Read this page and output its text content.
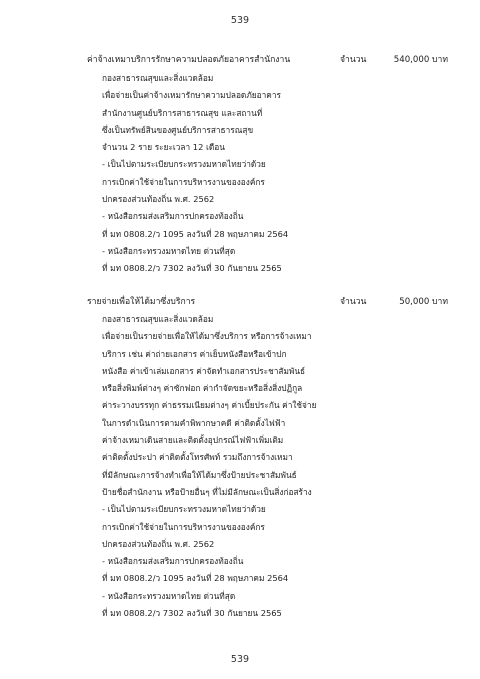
539
ค่าจ้างเหมาบริการรักษาความปลอดภัยอาคารสำนักงาน	จำนวน	540,000 บาท
กองสาธารณสุขและสิ่งแวดล้อม
เพื่อจ่ายเป็นค่าจ้างเหมารักษาความปลอดภัยอาคาร
สำนักงานศูนย์บริการสาธารณสุข และสถานที่
ซึ่งเป็นทรัพย์สินของศูนย์บริการสาธารณสุข
จำนวน 2 ราย ระยะเวลา 12 เดือน
- เป็นไปตามระเบียบกระทรวงมหาดไทยว่าด้วย
การเบิกค่าใช้จ่ายในการบริหารงานขององค์กร
ปกครองส่วนท้องถิ่น พ.ศ. 2562
- หนังสือกรมส่งเสริมการปกครองท้องถิ่น
ที่ มท 0808.2/ว 1095 ลงวันที่ 28 พฤษภาคม 2564
- หนังสือกระทรวงมหาดไทย ด่วนที่สุด
ที่ มท 0808.2/ว 7302 ลงวันที่ 30 กันยายน 2565
รายจ่ายเพื่อให้ได้มาซึ่งบริการ	จำนวน	50,000 บาท
กองสาธารณสุขและสิ่งแวดล้อม
เพื่อจ่ายเป็นรายจ่ายเพื่อให้ได้มาซึ่งบริการ หรือการจ้างเหมา
บริการ เช่น ค่าถ่ายเอกสาร ค่าเย็บหนังสือหรือเข้าปก
หนังสือ ค่าเข้าเล่มเอกสาร ค่าจัดทำเอกสารประชาสัมพันธ์
หรือสิ่งพิมพ์ต่างๆ ค่าซักฟอก ค่ากำจัดขยะหรือสิ่งสิ่งปฏิกูล
ค่าระวางบรรทุก ค่าธรรมเนียมต่างๆ ค่าเบี้ยประกัน ค่าใช้จ่าย
ในการดำเนินการตามคำพิพากษาคดี ค่าติดตั้งไฟฟ้า
ค่าจ้างเหมาเดินสายและติดตั้งอุปกรณ์ไฟฟ้าเพิ่มเติม
ค่าติดตั้งประปา ค่าติดตั้งโทรศัพท์ รวมถึงการจ้างเหมา
ที่มีลักษณะการจ้างทำเพื่อให้ได้มาซึ่งป้ายประชาสัมพันธ์
ป้ายชื่อสำนักงาน หรือป้ายอื่นๆ ที่ไม่มีลักษณะเป็นสิ่งก่อสร้าง
- เป็นไปตามระเบียบกระทรวงมหาดไทยว่าด้วย
การเบิกค่าใช้จ่ายในการบริหารงานขององค์กร
ปกครองส่วนท้องถิ่น พ.ศ. 2562
- หนังสือกรมส่งเสริมการปกครองท้องถิ่น
ที่ มท 0808.2/ว 1095 ลงวันที่ 28 พฤษภาคม 2564
- หนังสือกระทรวงมหาดไทย ด่วนที่สุด
ที่ มท 0808.2/ว 7302 ลงวันที่ 30 กันยายน 2565
539
